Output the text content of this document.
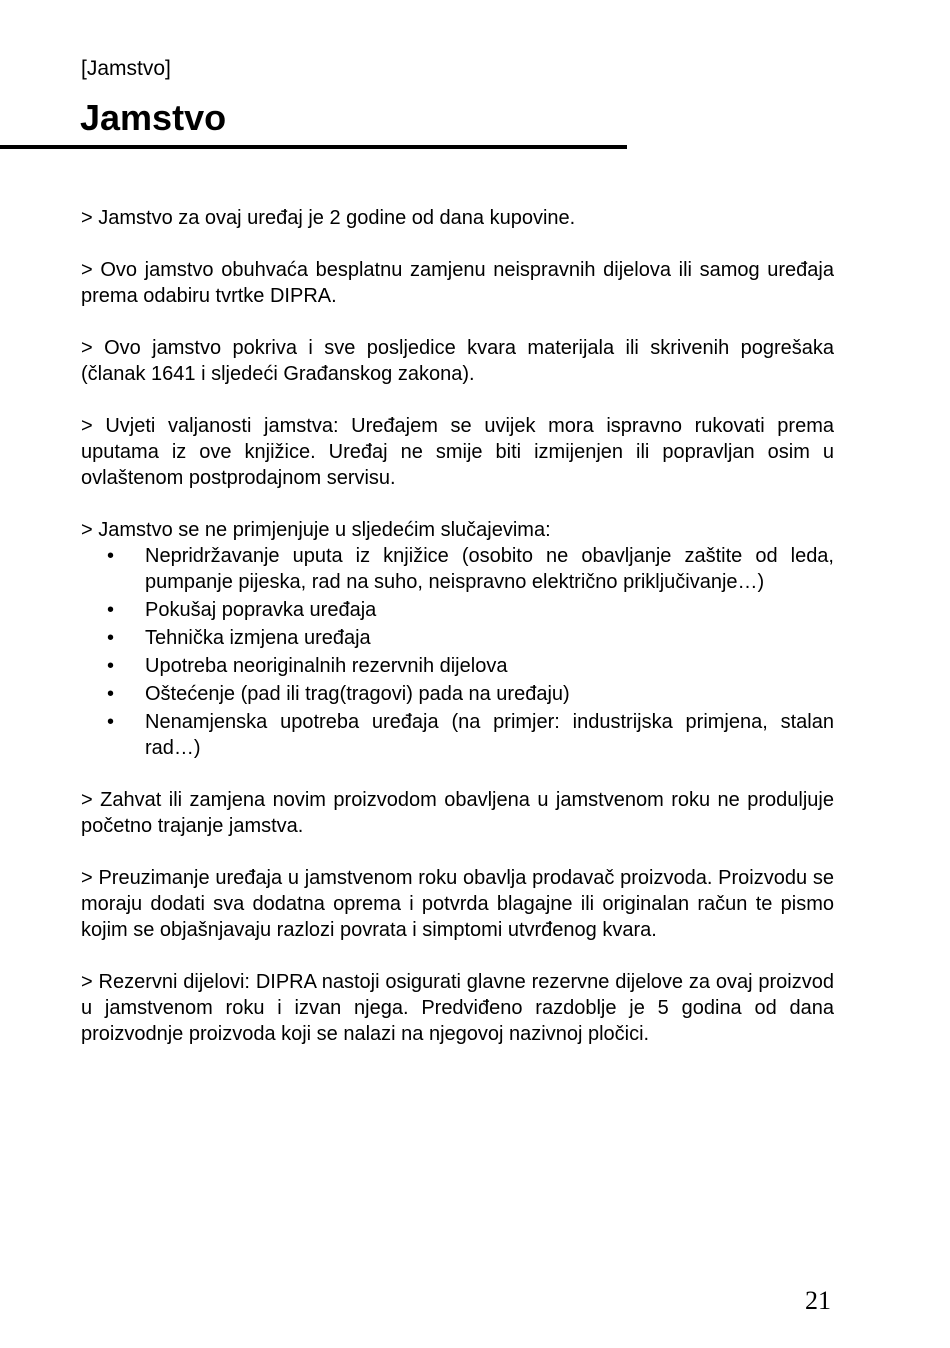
[Jamstvo]
Jamstvo

> Jamstvo za ovaj uređaj je 2 godine od dana kupovine.

> Ovo jamstvo obuhvaća besplatnu zamjenu neispravnih dijelova ili samog uređaja prema odabiru tvrtke DIPRA.

> Ovo jamstvo pokriva i sve posljedice kvara materijala ili skrivenih pogrešaka (članak 1641 i sljedeći Građanskog zakona).

> Uvjeti valjanosti jamstva: Uređajem se uvijek mora ispravno rukovati prema uputama iz ove knjižice. Uređaj ne smije biti izmijenjen ili popravljan osim u ovlaštenom postprodajnom servisu.

> Jamstvo se ne primjenjuje u sljedećim slučajevima:

•	Nepridržavanje uputa iz knjižice (osobito ne obavljanje zaštite od leda, pumpanje pijeska, rad na suho, neispravno električno priključivanje…)
•	Pokušaj popravka uređaja
•	Tehnička izmjena uređaja
•	Upotreba neoriginalnih rezervnih dijelova
•	Oštećenje (pad ili trag(tragovi) pada na uređaju)
•	Nenamjenska upotreba uređaja (na primjer: industrijska primjena, stalan rad…)

> Zahvat ili zamjena novim proizvodom obavljena u jamstvenom roku ne produljuje početno trajanje jamstva.

> Preuzimanje uređaja u jamstvenom roku obavlja prodavač proizvoda. Proizvodu se moraju dodati sva dodatna oprema i potvrda blagajne ili originalan račun te pismo kojim se objašnjavaju razlozi povrata i simptomi utvrđenog kvara.

> Rezervni dijelovi: DIPRA nastoji osigurati glavne rezervne dijelove za ovaj proizvod u jamstvenom roku i izvan njega. Predviđeno razdoblje je 5 godina od dana proizvodnje proizvoda koji se nalazi na njegovoj nazivnoj pločici.

21
